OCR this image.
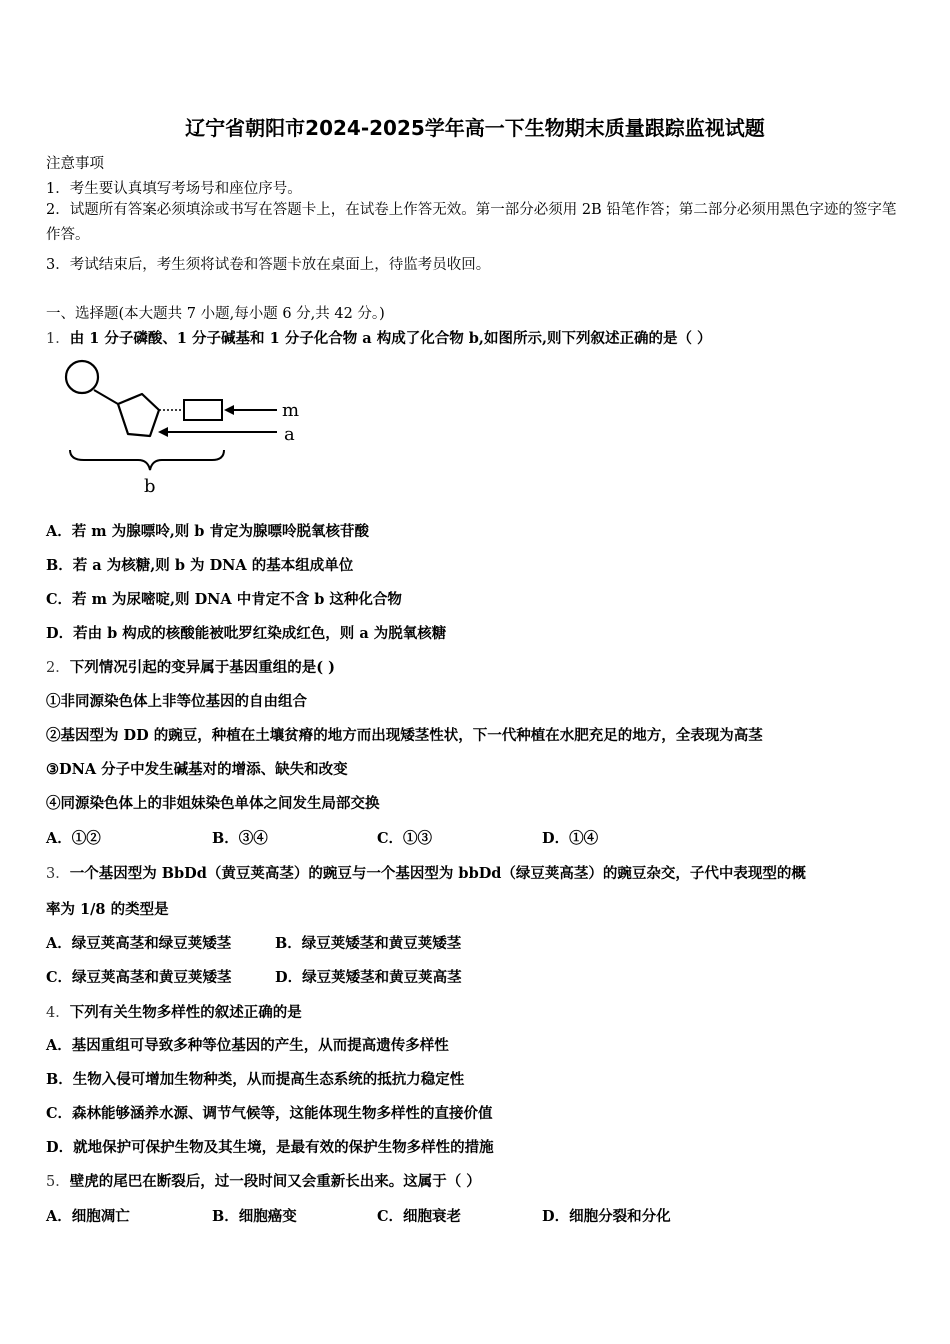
辽宁省朝阳市2024-2025学年高一下生物期末质量跟踪监视试题
注意事项
1．考生要认真填写考场号和座位序号。
2．试题所有答案必须填涂或书写在答题卡上，在试卷上作答无效。第一部分必须用 2B 铅笔作答；第二部分必须用黑色字迹的签字笔作答。
3．考试结束后，考生须将试卷和答题卡放在桌面上，待监考员收回。
一、选择题(本大题共 7 小题,每小题 6 分,共 42 分。)
1．由 1 分子磷酸、1 分子碱基和 1 分子化合物 a 构成了化合物 b,如图所示,则下列叙述正确的是（ ）
m
a
b
A．若 m 为腺嘌呤,则 b 肯定为腺嘌呤脱氧核苷酸
B．若 a 为核糖,则 b 为 DNA 的基本组成单位
C．若 m 为尿嘧啶,则 DNA 中肯定不含 b 这种化合物
D．若由 b 构成的核酸能被吡罗红染成红色，则 a 为脱氧核糖
2．下列情况引起的变异属于基因重组的是( )
①非同源染色体上非等位基因的自由组合
②基因型为 DD 的豌豆，种植在土壤贫瘠的地方而出现矮茎性状，下一代种植在水肥充足的地方，全表现为高茎
③DNA 分子中发生碱基对的增添、缺失和改变
④同源染色体上的非姐妹染色单体之间发生局部交换
A．①②	B．③④	C．①③	D．①④
3．一个基因型为 BbDd（黄豆荚高茎）的豌豆与一个基因型为 bbDd（绿豆荚高茎）的豌豆杂交，子代中表现型的概
率为 1/8 的类型是
A．绿豆荚高茎和绿豆荚矮茎	B．绿豆荚矮茎和黄豆荚矮茎
C．绿豆荚高茎和黄豆荚矮茎	D．绿豆荚矮茎和黄豆荚高茎
4．下列有关生物多样性的叙述正确的是
A．基因重组可导致多种等位基因的产生，从而提高遗传多样性
B．生物入侵可增加生物种类，从而提高生态系统的抵抗力稳定性
C．森林能够涵养水源、调节气候等，这能体现生物多样性的直接价值
D．就地保护可保护生物及其生境，是最有效的保护生物多样性的措施
5．壁虎的尾巴在断裂后，过一段时间又会重新长出来。这属于（ ）
A．细胞凋亡	B．细胞癌变	C．细胞衰老	D．细胞分裂和分化
